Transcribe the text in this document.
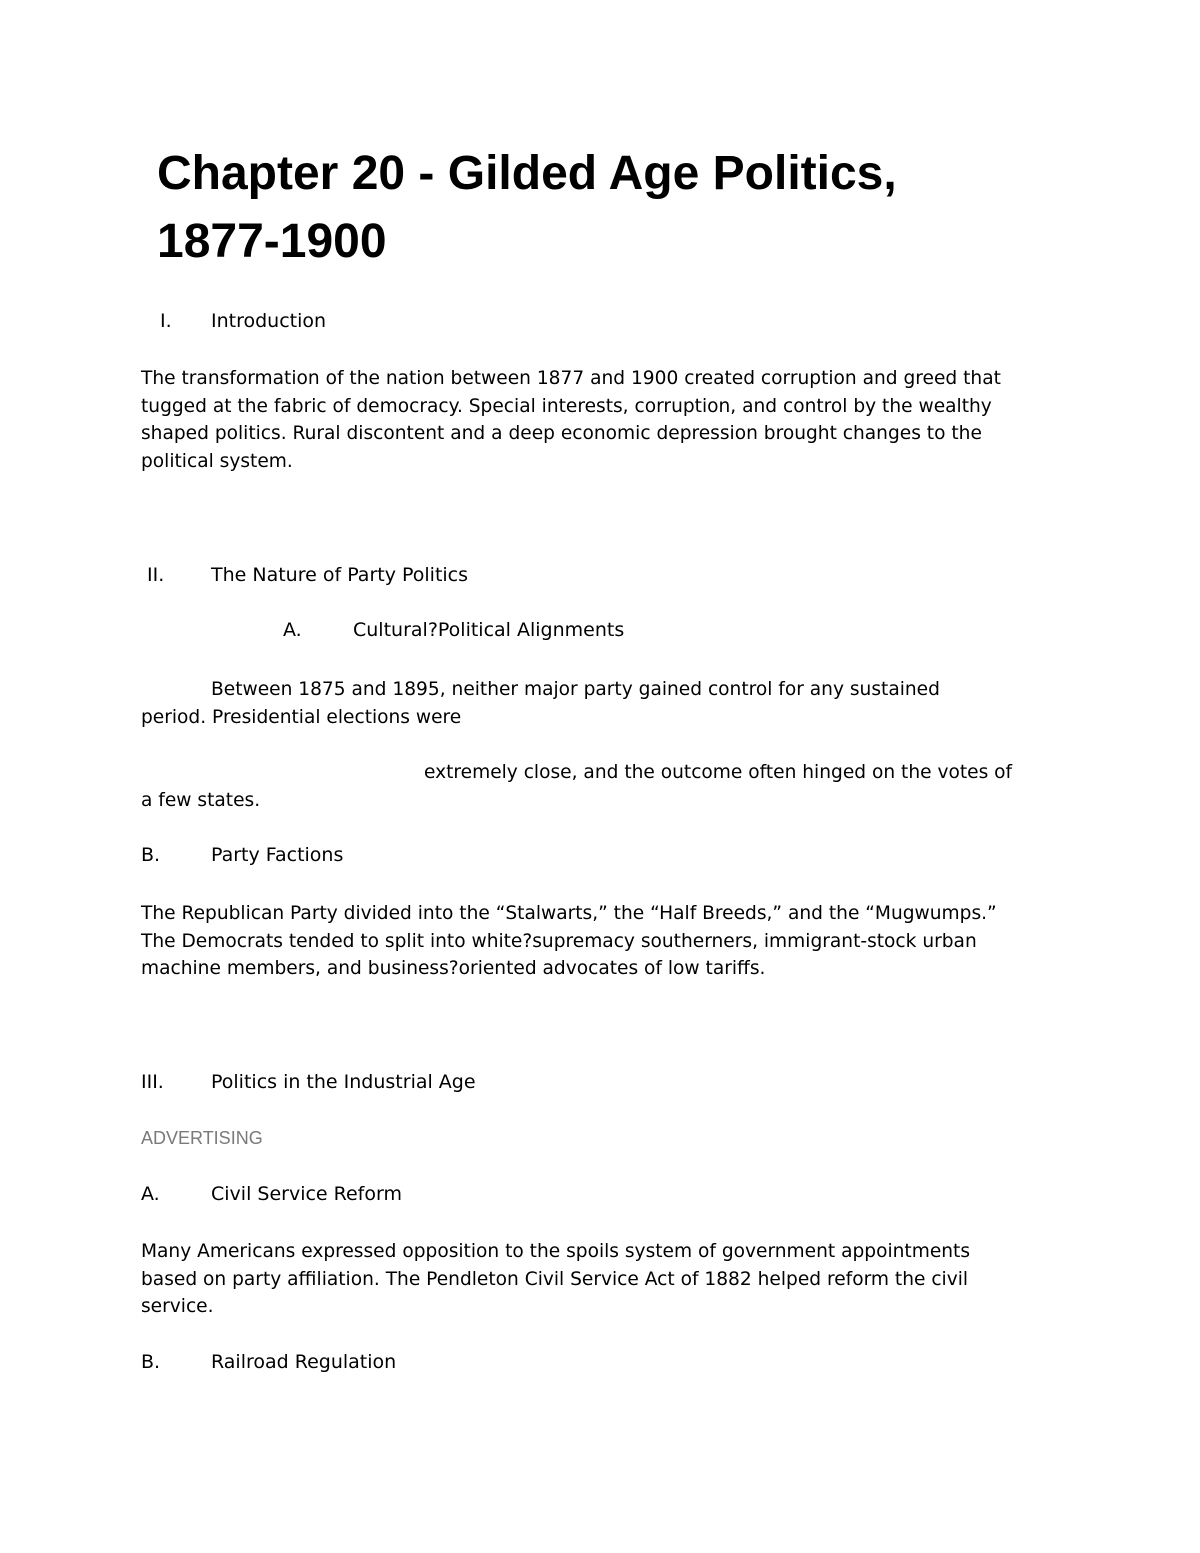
Chapter 20 - Gilded Age Politics,
1877-1900
I. Introduction
The transformation of the nation between 1877 and 1900 created corruption and greed that
tugged at the fabric of democracy. Special interests, corruption, and control by the wealthy
shaped politics. Rural discontent and a deep economic depression brought changes to the
political system.
II. The Nature of Party Politics
A.	Cultural?Political Alignments
Between 1875 and 1895, neither major party gained control for any sustained
period. Presidential elections were
extremely close, and the outcome often hinged on the votes of
a few states.
B.	Party Factions
The Republican Party divided into the “Stalwarts,” the “Half Breeds,” and the “Mugwumps.”
The Democrats tended to split into white?supremacy southerners, immigrant-stock urban
machine members, and business?oriented advocates of low tariffs.
III. Politics in the Industrial Age
ADVERTISING
A.	Civil Service Reform
Many Americans expressed opposition to the spoils system of government appointments
based on party affiliation. The Pendleton Civil Service Act of 1882 helped reform the civil
service.
B.	Railroad Regulation
